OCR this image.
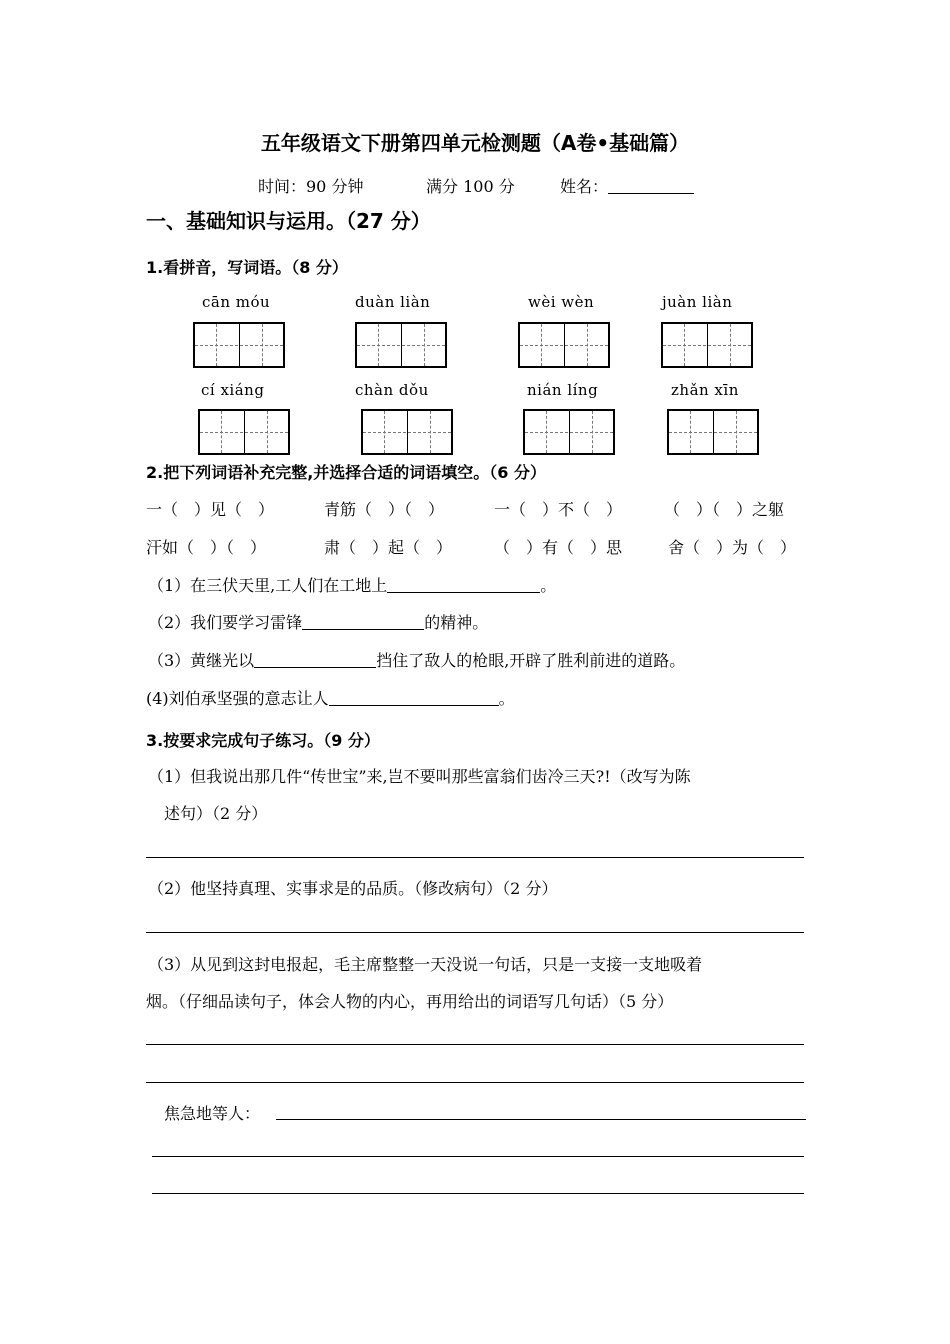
五年级语文下册第四单元检测题（A卷•基础篇）
时间：90 分钟	满分 100 分	姓名：
一、基础知识与运用。（27 分）
1.看拼音，写词语。（8 分）
cān móu	duàn liàn	wèi wèn	juàn liàn
cí xiáng	chàn dǒu	nián líng	zhǎn xīn
2.把下列词语补充完整,并选择合适的词语填空。（6 分）
一（　）见（　）	青筋（　）（　）	一（　）不（　）	（　）（　）之躯
汗如（　）（　）	肃（　）起（　）	（　）有（　）思	舍（　）为（　）
（1）在三伏天里,工人们在工地上	。
（2）我们要学习雷锋	的精神。
（3）黄继光以	挡住了敌人的枪眼,开辟了胜利前进的道路。
(4)刘伯承坚强的意志让人	。
3.按要求完成句子练习。（9 分）
（1）但我说出那几件“传世宝”来,岂不要叫那些富翁们齿冷三天?!（改写为陈
述句）（2 分）
（2）他坚持真理、实事求是的品质。（修改病句）（2 分）
（3）从见到这封电报起，毛主席整整一天没说一句话，只是一支接一支地吸着
烟。（仔细品读句子，体会人物的内心，再用给出的词语写几句话）（5 分）
焦急地等人：
